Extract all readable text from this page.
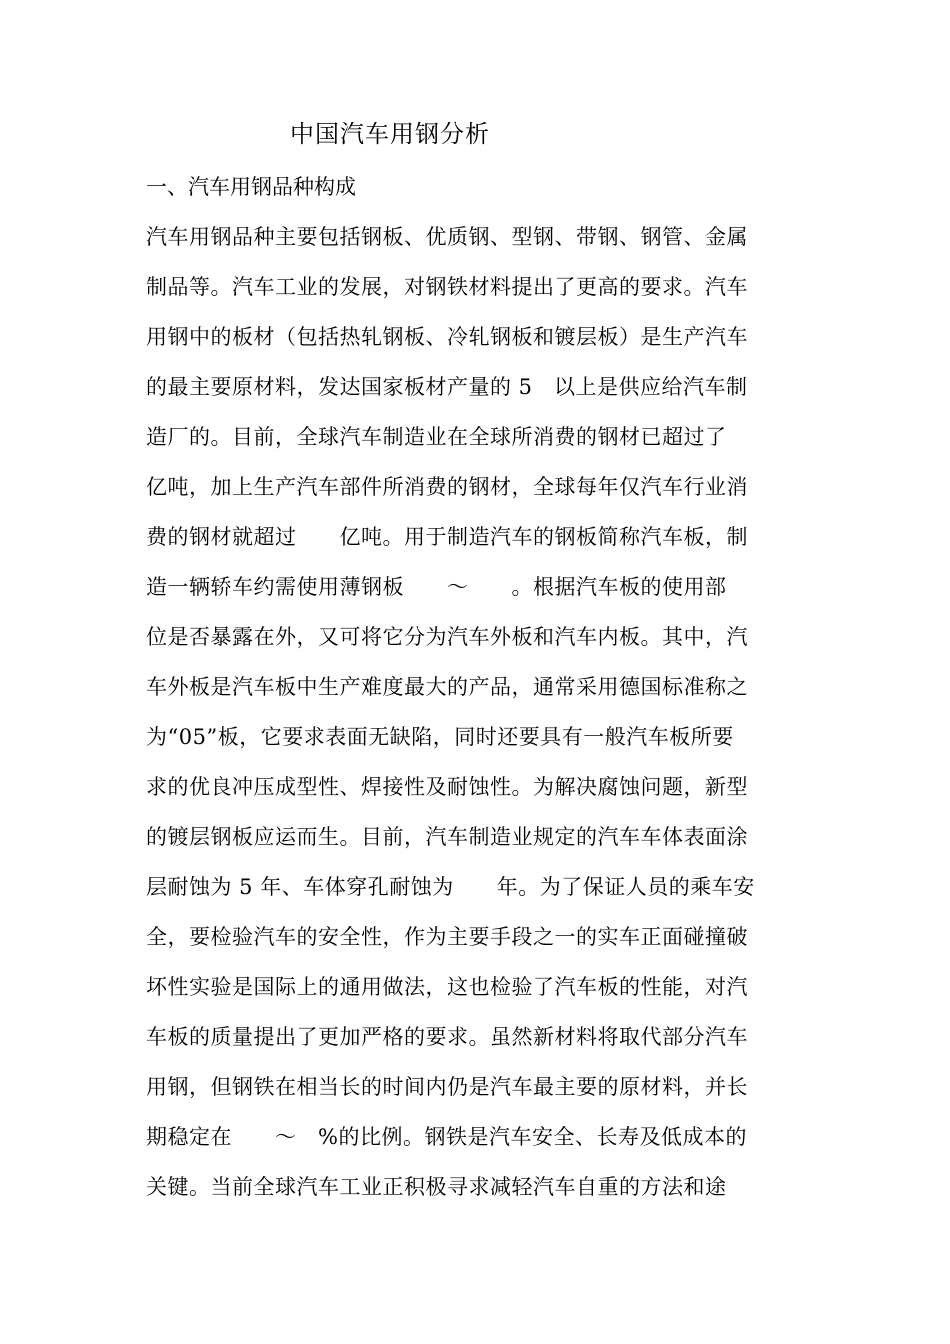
中国汽车用钢分析
一、汽车用钢品种构成
汽车用钢品种主要包括钢板、优质钢、型钢、带钢、钢管、金属
制品等。汽车工业的发展，对钢铁材料提出了更高的要求。汽车
用钢中的板材（包括热轧钢板、冷轧钢板和镀层板）是生产汽车
的最主要原材料，发达国家板材产量的 5　以上是供应给汽车制
造厂的。目前，全球汽车制造业在全球所消费的钢材已超过了
亿吨，加上生产汽车部件所消费的钢材，全球每年仅汽车行业消
费的钢材就超过　　亿吨。用于制造汽车的钢板简称汽车板，制
造一辆轿车约需使用薄钢板　　～　　。根据汽车板的使用部
位是否暴露在外，又可将它分为汽车外板和汽车内板。其中，汽
车外板是汽车板中生产难度最大的产品，通常采用德国标准称之
为“05”板，它要求表面无缺陷，同时还要具有一般汽车板所要
求的优良冲压成型性、焊接性及耐蚀性。为解决腐蚀问题，新型
的镀层钢板应运而生。目前，汽车制造业规定的汽车车体表面涂
层耐蚀为 5 年、车体穿孔耐蚀为　　年。为了保证人员的乘车安
全，要检验汽车的安全性，作为主要手段之一的实车正面碰撞破
坏性实验是国际上的通用做法，这也检验了汽车板的性能，对汽
车板的质量提出了更加严格的要求。虽然新材料将取代部分汽车
用钢，但钢铁在相当长的时间内仍是汽车最主要的原材料，并长
期稳定在　　～　%的比例。钢铁是汽车安全、长寿及低成本的
关键。当前全球汽车工业正积极寻求减轻汽车自重的方法和途
